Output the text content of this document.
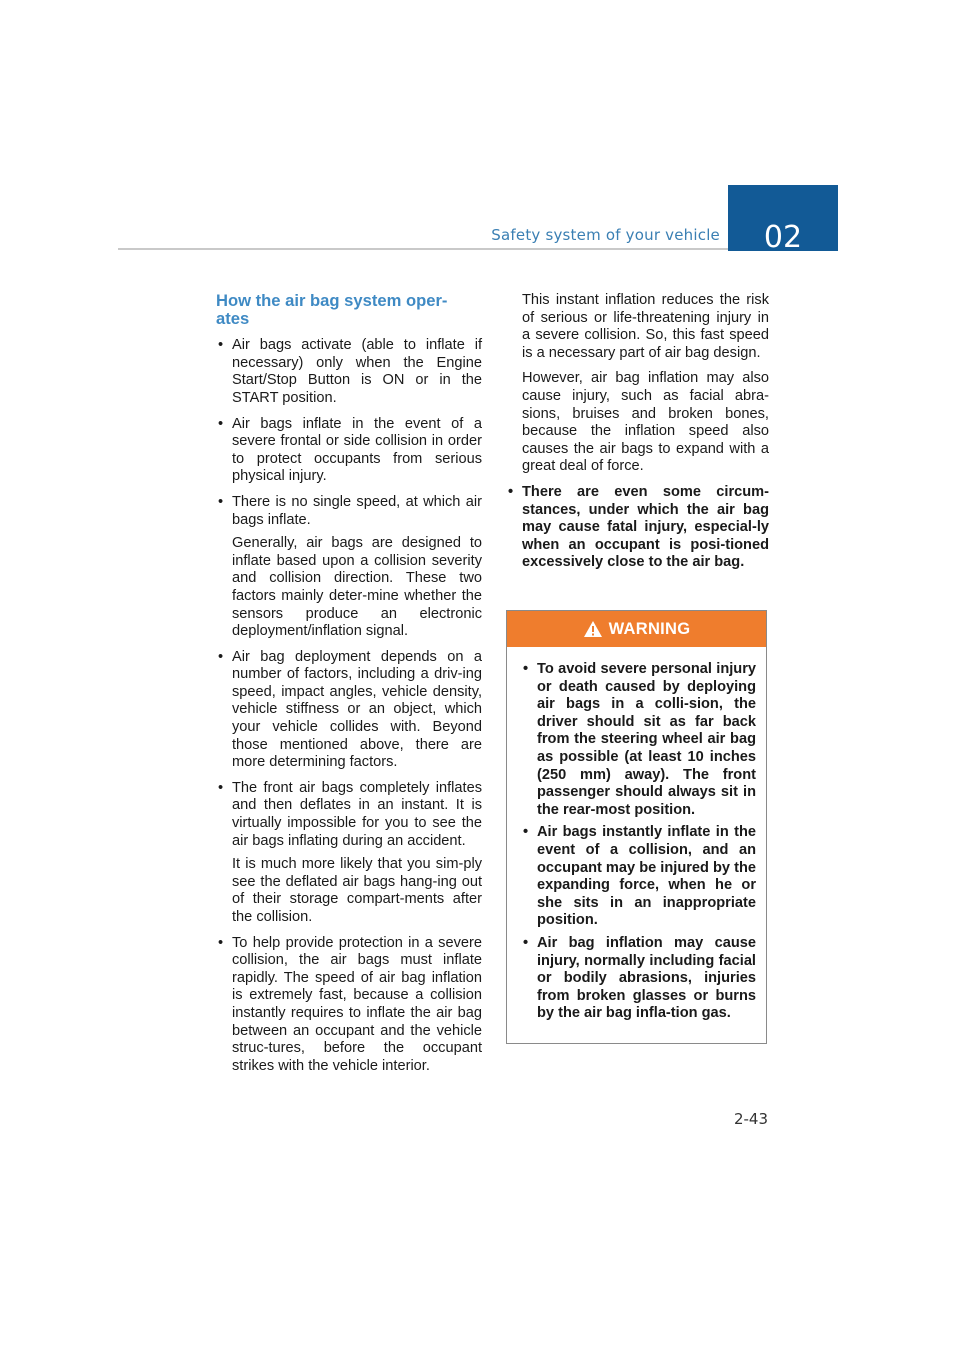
Safety system of your vehicle	02
How the air bag system oper-
ates
• Air bags activate (able to inflate if necessary) only when the Engine Start/Stop Button is ON or in the START position.
• Air bags inflate in the event of a severe frontal or side collision in order to protect occupants from serious physical injury.
• There is no single speed, at which air bags inflate.
Generally, air bags are designed to inflate based upon a collision severity and collision direction. These two factors mainly deter-mine whether the sensors produce an electronic deployment/inflation signal.
• Air bag deployment depends on a number of factors, including a driv-ing speed, impact angles, vehicle density, vehicle stiffness or an object, which your vehicle collides with. Beyond those mentioned above, there are more determining factors.
• The front air bags completely inflates and then deflates in an instant. It is virtually impossible for you to see the air bags inflating during an accident.
It is much more likely that you sim-ply see the deflated air bags hang-ing out of their storage compart-ments after the collision.
• To help provide protection in a severe collision, the air bags must inflate rapidly. The speed of air bag inflation is extremely fast, because a collision instantly requires to inflate the air bag between an occupant and the vehicle struc-tures, before the occupant strikes with the vehicle interior.
This instant inflation reduces the risk of serious or life-threatening injury in a severe collision. So, this fast speed is a necessary part of air bag design.
However, air bag inflation may also cause injury, such as facial abra-sions, bruises and broken bones, because the inflation speed also causes the air bags to expand with a great deal of force.
• There are even some circum-stances, under which the air bag may cause fatal injury, especial-ly when an occupant is posi-tioned excessively close to the air bag.
WARNING
• To avoid severe personal injury or death caused by deploying air bags in a colli-sion, the driver should sit as far back from the steering wheel air bag as possible (at least 10 inches (250 mm) away). The front passenger should always sit in the rear-most position.
• Air bags instantly inflate in the event of a collision, and an occupant may be injured by the expanding force, when he or she sits in an inappropriate position.
• Air bag inflation may cause injury, normally including facial or bodily abrasions, injuries from broken glasses or burns by the air bag infla-tion gas.
2-43
